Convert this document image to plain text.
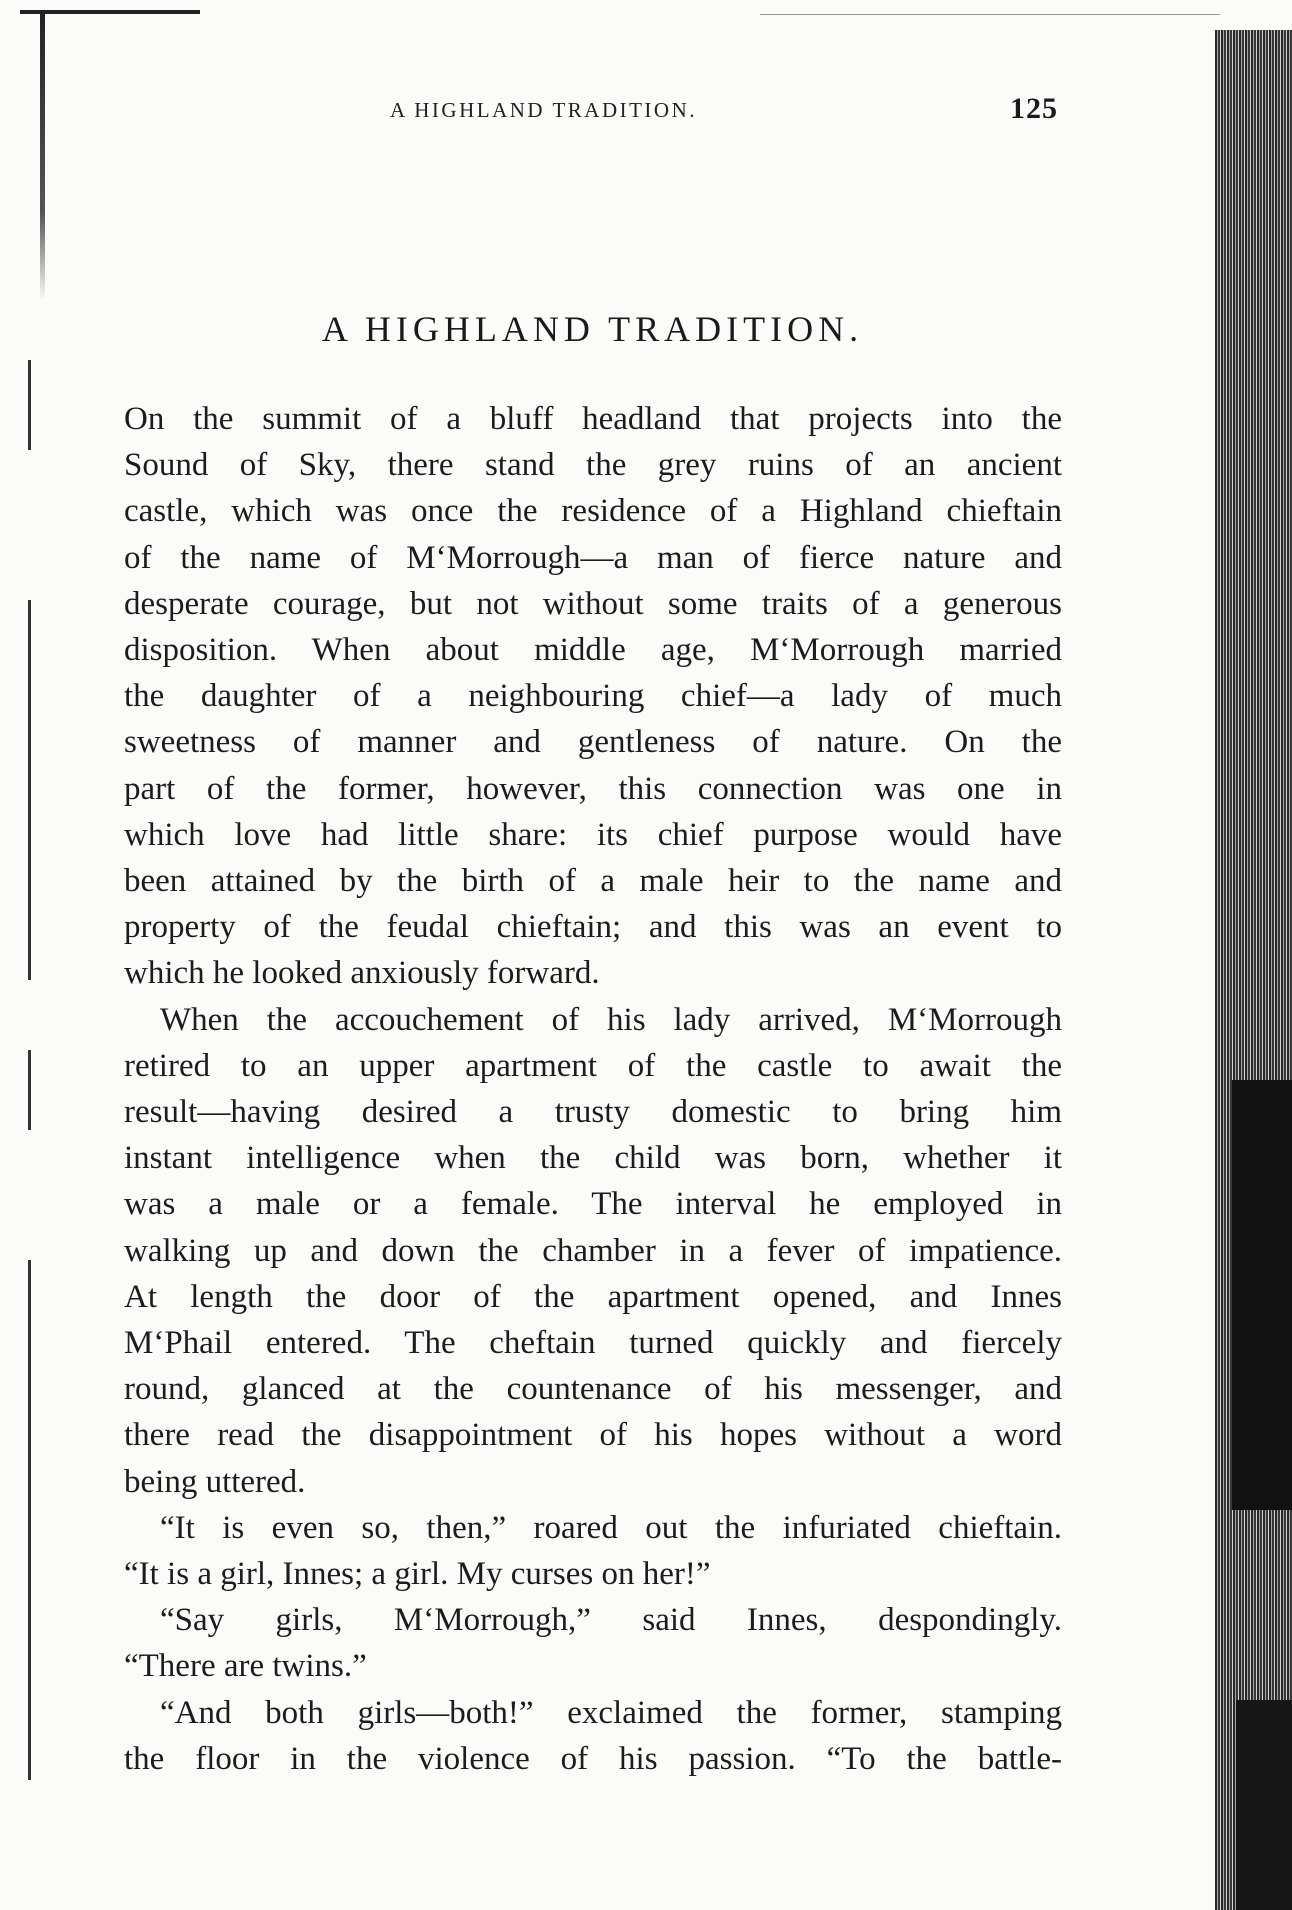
A HIGHLAND TRADITION.	125
A HIGHLAND TRADITION.

On the summit of a bluff headland that projects into the
Sound of Sky, there stand the grey ruins of an ancient
castle, which was once the residence of a Highland chieftain
of the name of M‘Morrough—a man of fierce nature and
desperate courage, but not without some traits of a generous
disposition. When about middle age, M‘Morrough married
the daughter of a neighbouring chief—a lady of much
sweetness of manner and gentleness of nature. On the
part of the former, however, this connection was one in
which love had little share: its chief purpose would have
been attained by the birth of a male heir to the name and
property of the feudal chieftain; and this was an event to
which he looked anxiously forward.

When the accouchement of his lady arrived, M‘Morrough
retired to an upper apartment of the castle to await the
result—having desired a trusty domestic to bring him
instant intelligence when the child was born, whether it
was a male or a female. The interval he employed in
walking up and down the chamber in a fever of impatience.
At length the door of the apartment opened, and Innes
M‘Phail entered. The cheftain turned quickly and fiercely
round, glanced at the countenance of his messenger, and
there read the disappointment of his hopes without a word
being uttered.

“It is even so, then,” roared out the infuriated chieftain.
“It is a girl, Innes; a girl. My curses on her!”

“Say girls, M‘Morrough,” said Innes, despondingly.
“There are twins.”

“And both girls—both!” exclaimed the former, stamping
the floor in the violence of his passion. “To the battle-
